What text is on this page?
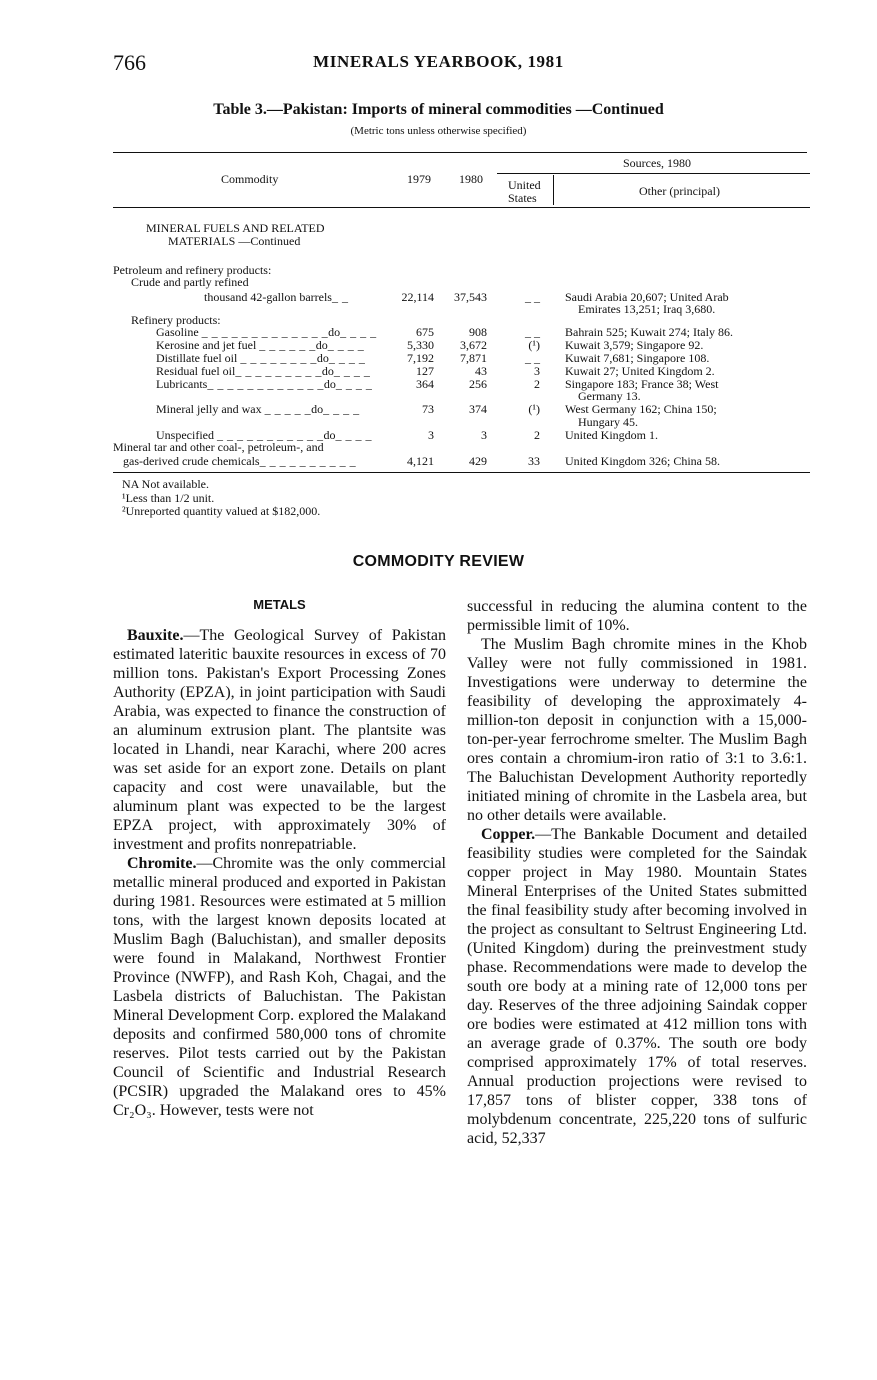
766	MINERALS YEARBOOK, 1981
Table 3.—Pakistan: Imports of mineral commodities —Continued
(Metric tons unless otherwise specified)
Commodity	1979 1980
Sources, 1980
United
States	Other (principal)
MINERAL FUELS AND RELATED
MATERIALS —Continued
Petroleum and refinery products:
Crude and partly refined
thousand 42-gallon barrels_ _	22,114 37,543	_ _ Saudi Arabia 20,607; United Arab
Emirates 13,251; Iraq 3,680.
Refinery products:
Gasoline _ _ _ _ _ _ _ _ _ _ _ _ _do_ _ _ _	675	908	_ _ Bahrain 525; Kuwait 274; Italy 86.
Kerosine and jet fuel _ _ _ _ _ _do_ _ _ _	5,330 3,672	(¹) Kuwait 3,579; Singapore 92.
Distillate fuel oil _ _ _ _ _ _ _ _do_ _ _ _	7,192 7,871	_ _ Kuwait 7,681; Singapore 108.
Residual fuel oil_ _ _ _ _ _ _ _ _do_ _ _ _	127	43	3 Kuwait 27; United Kingdom 2.
Lubricants_ _ _ _ _ _ _ _ _ _ _ _do_ _ _ _	364	256	2 Singapore 183; France 38; West
Germany 13.
Mineral jelly and wax _ _ _ _ _do_ _ _ _	73	374	(¹) West Germany 162; China 150;
Hungary 45.
Unspecified _ _ _ _ _ _ _ _ _ _ _do_ _ _ _	3	3	2 United Kingdom 1.
Mineral tar and other coal-, petroleum-, and
gas-derived crude chemicals_ _ _ _ _ _ _ _ _ _	4,121	429	33 United Kingdom 326; China 58.
NA Not available.
¹Less than 1/2 unit.
²Unreported quantity valued at $182,000.
COMMODITY REVIEW
METALS

Bauxite.—The Geological Survey of Pakistan estimated lateritic bauxite resources in excess of 70 million tons. Pakistan's Export Processing Zones Authority (EPZA), in joint participation with Saudi Arabia, was expected to finance the construction of an aluminum extrusion plant. The plantsite was located in Lhandi, near Karachi, where 200 acres was set aside for an export zone. Details on plant capacity and cost were unavailable, but the aluminum plant was expected to be the largest EPZA project, with approximately 30% of investment and profits nonrepatriable.

Chromite.—Chromite was the only commercial metallic mineral produced and exported in Pakistan during 1981. Resources were estimated at 5 million tons, with the largest known deposits located at Muslim Bagh (Baluchistan), and smaller deposits were found in Malakand, Northwest Frontier Province (NWFP), and Rash Koh, Chagai, and the Lasbela districts of Baluchistan. The Pakistan Mineral Development Corp. explored the Malakand deposits and confirmed 580,000 tons of chromite reserves. Pilot tests carried out by the Pakistan Council of Scientific and Industrial Research (PCSIR) upgraded the Malakand ores to 45% Cr₂O₃. However, tests were not

successful in reducing the alumina content to the permissible limit of 10%.

The Muslim Bagh chromite mines in the Khob Valley were not fully commissioned in 1981. Investigations were underway to determine the feasibility of developing the approximately 4-million-ton deposit in conjunction with a 15,000-ton-per-year ferrochrome smelter. The Muslim Bagh ores contain a chromium-iron ratio of 3:1 to 3.6:1. The Baluchistan Development Authority reportedly initiated mining of chromite in the Lasbela area, but no other details were available.

Copper.—The Bankable Document and detailed feasibility studies were completed for the Saindak copper project in May 1980. Mountain States Mineral Enterprises of the United States submitted the final feasibility study after becoming involved in the project as consultant to Seltrust Engineering Ltd. (United Kingdom) during the preinvestment study phase. Recommendations were made to develop the south ore body at a mining rate of 12,000 tons per day. Reserves of the three adjoining Saindak copper ore bodies were estimated at 412 million tons with an average grade of 0.37%. The south ore body comprised approximately 17% of total reserves. Annual production projections were revised to 17,857 tons of blister copper, 338 tons of molybdenum concentrate, 225,220 tons of sulfuric acid, 52,337
